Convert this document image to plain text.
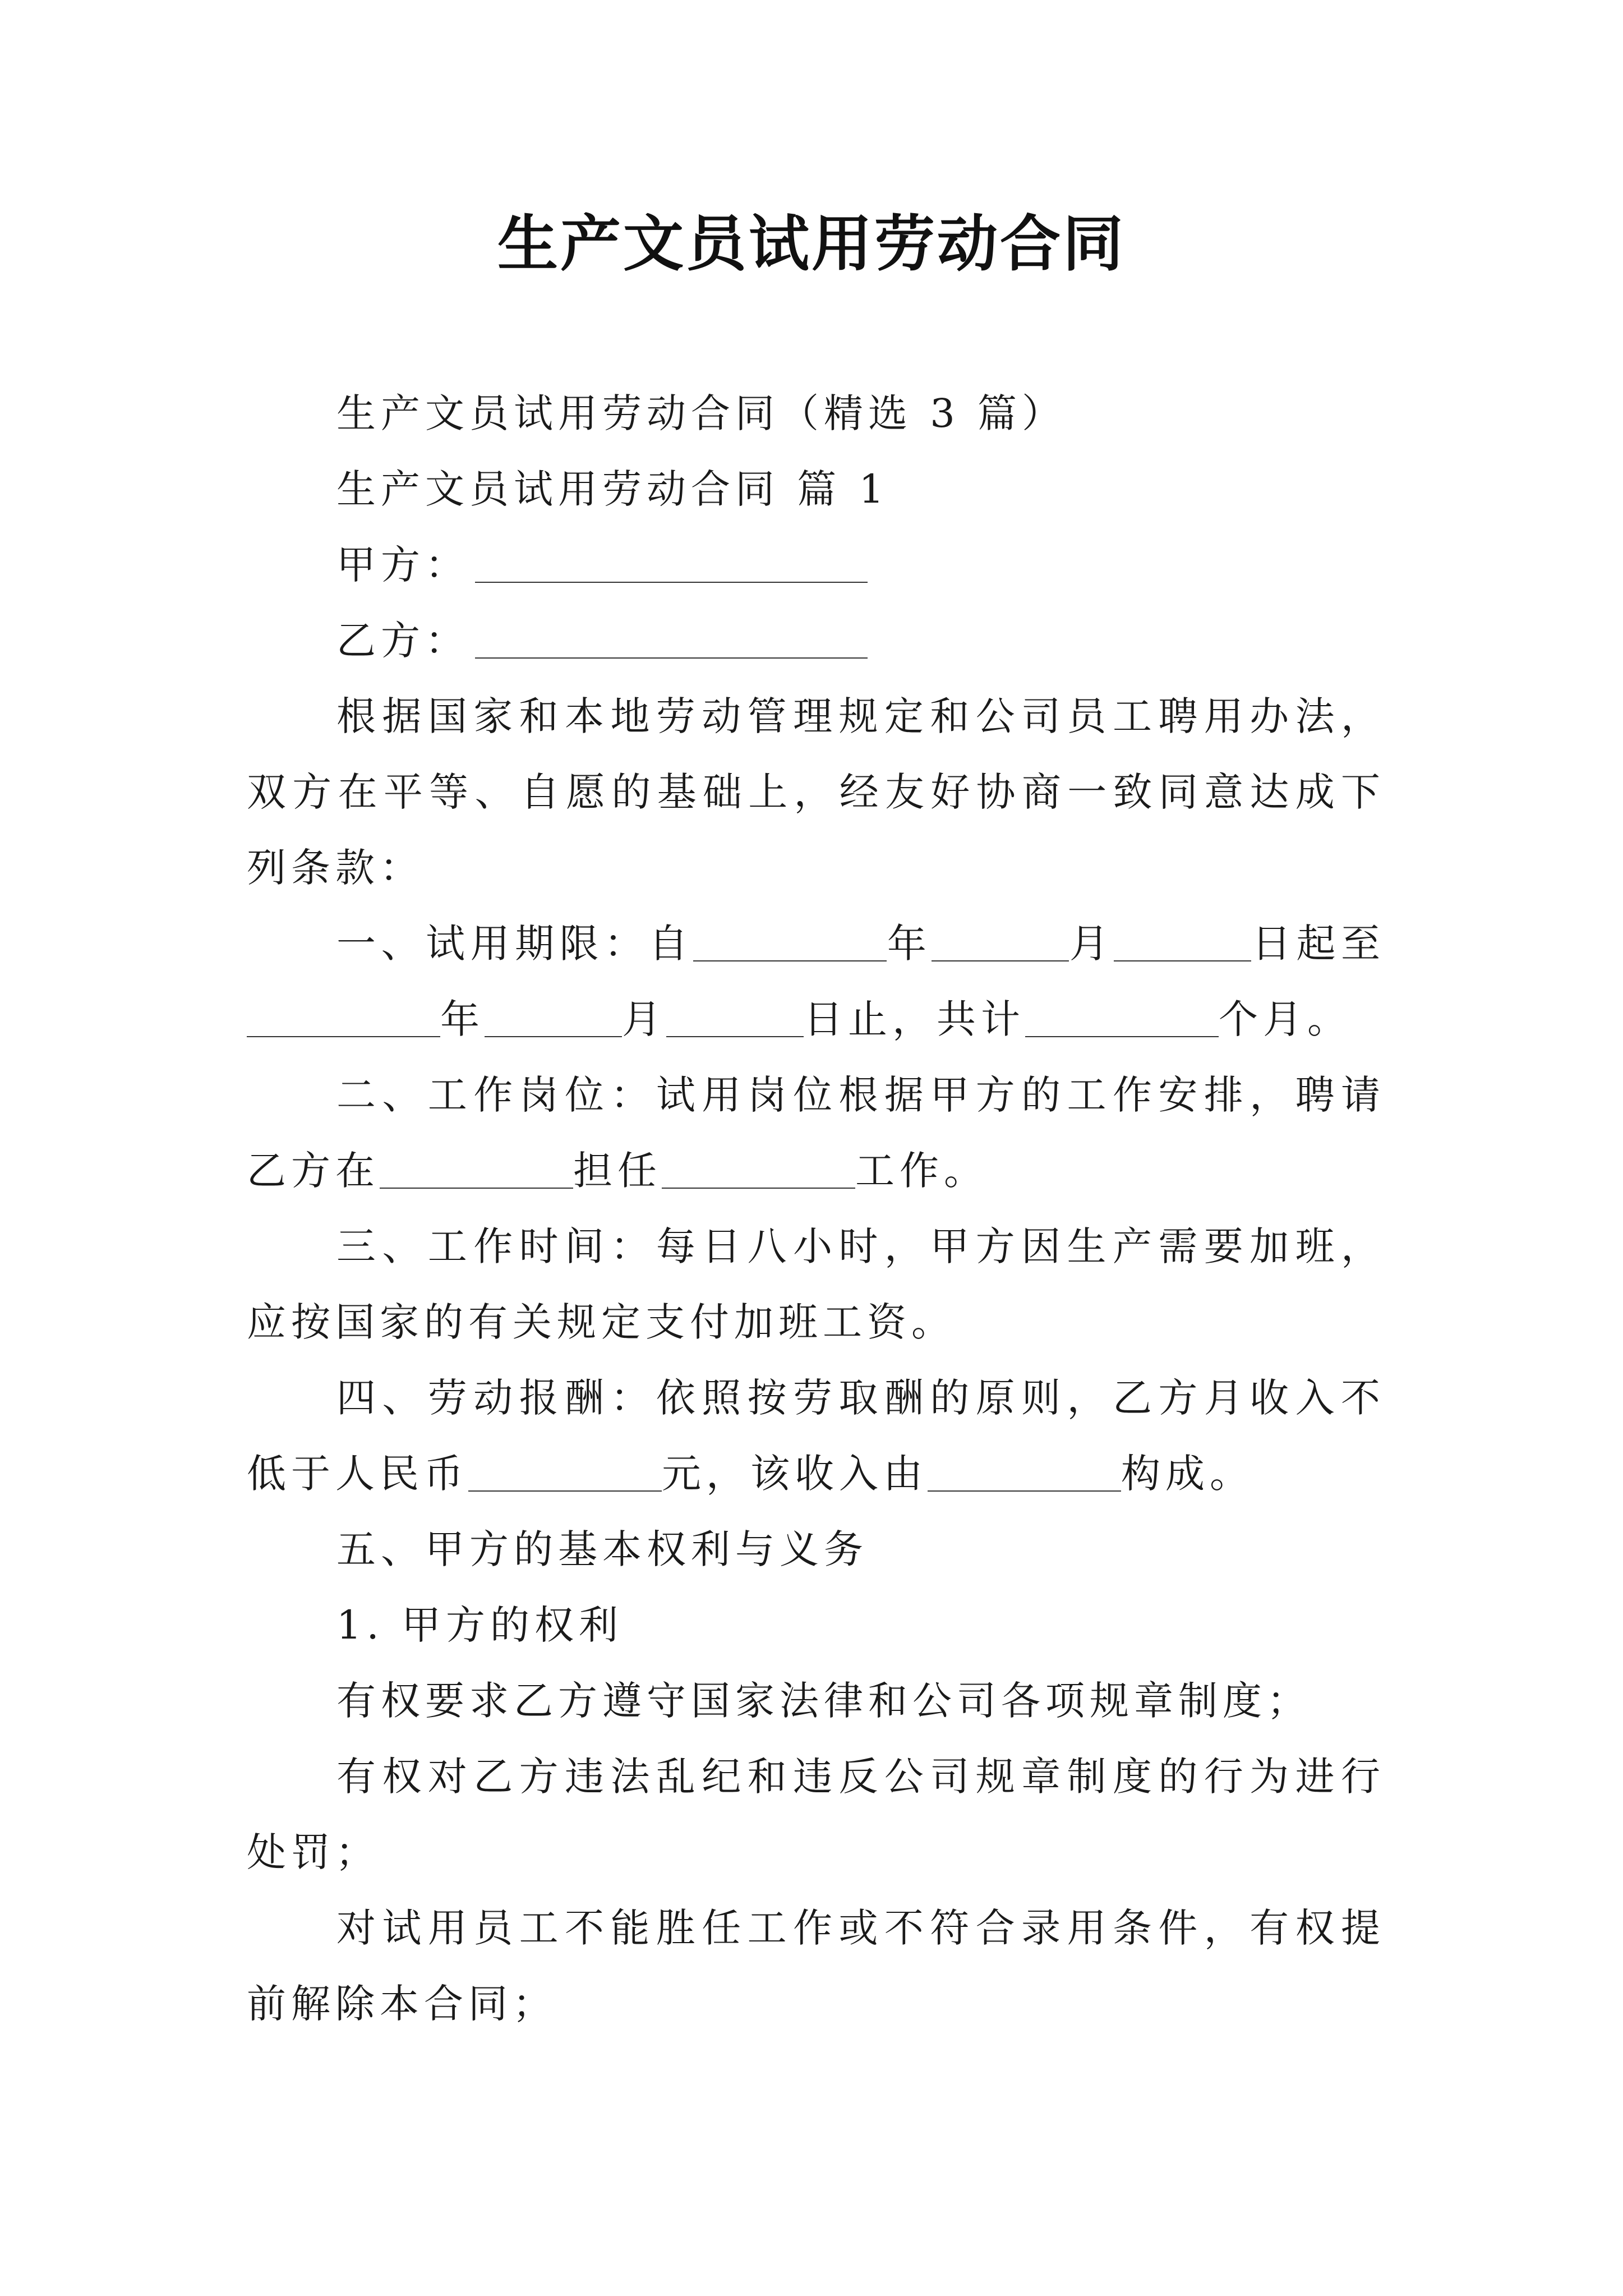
生产文员试用劳动合同

生产文员试用劳动合同（精选 3 篇）

生产文员试用劳动合同 篇 1

甲方：

乙方：

根据国家和本地劳动管理规定和公司员工聘用办法，双方在平等、自愿的基础上，经友好协商一致同意达成下列条款：

一、试用期限：自	年	月	日起至年	月	日止，共计	个月。

二、工作岗位：试用岗位根据甲方的工作安排，聘请乙方在	担任	工作。

三、工作时间：每日八小时，甲方因生产需要加班，应按国家的有关规定支付加班工资。

四、劳动报酬：依照按劳取酬的原则，乙方月收入不低于人民币	元，该收入由	构成。

五、甲方的基本权利与义务

1. 甲方的权利

有权要求乙方遵守国家法律和公司各项规章制度；

有权对乙方违法乱纪和违反公司规章制度的行为进行处罚；

对试用员工不能胜任工作或不符合录用条件，有权提前解除本合同；
